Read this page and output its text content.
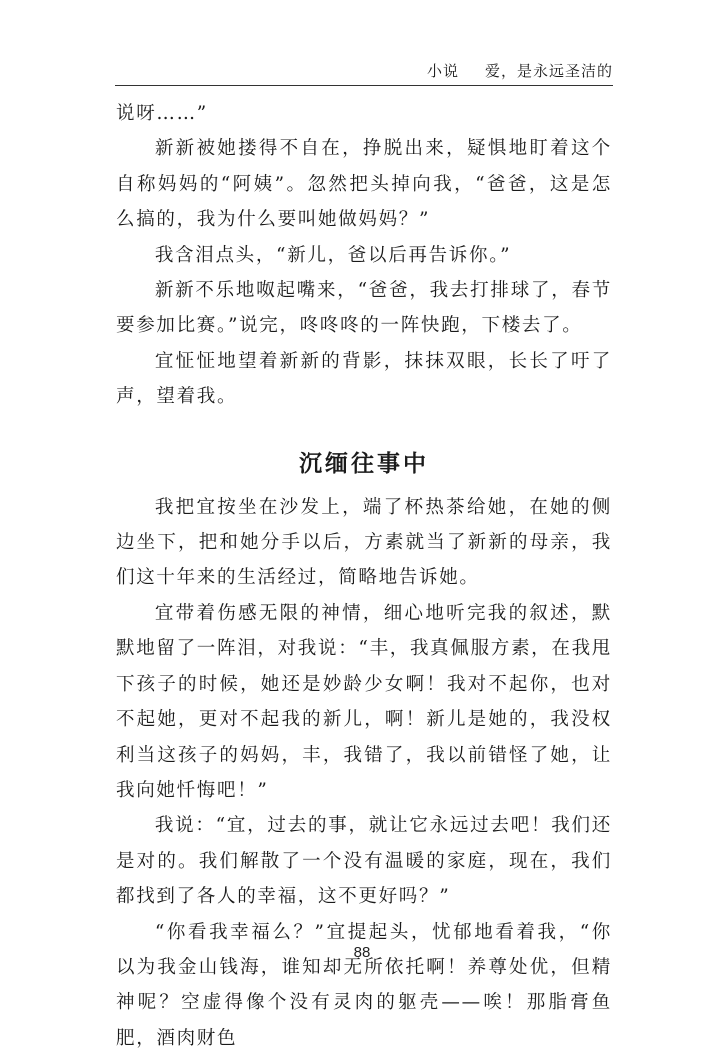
小说 爱，是永远圣洁的

说呀……”

新新被她搂得不自在，挣脱出来，疑惧地盯着这个自称妈妈的“阿姨”。忽然把头掉向我，“爸爸，这是怎么搞的，我为什么要叫她做妈妈？”

我含泪点头，“新儿，爸以后再告诉你。”

新新不乐地呶起嘴来，“爸爸，我去打排球了，春节要参加比赛。”说完，咚咚咚的一阵快跑，下楼去了。

宜怔怔地望着新新的背影，抹抹双眼，长长了吁了声，望着我。

沉缅往事中

我把宜按坐在沙发上，端了杯热茶给她，在她的侧边坐下，把和她分手以后，方素就当了新新的母亲，我们这十年来的生活经过，简略地告诉她。

宜带着伤感无限的神情，细心地听完我的叙述，默默地留了一阵泪，对我说：“丰，我真佩服方素，在我甩下孩子的时候，她还是妙龄少女啊！我对不起你，也对不起她，更对不起我的新儿，啊！新儿是她的，我没权利当这孩子的妈妈，丰，我错了，我以前错怪了她，让我向她忏悔吧！”

我说：“宜，过去的事，就让它永远过去吧！我们还是对的。我们解散了一个没有温暖的家庭，现在，我们都找到了各人的幸福，这不更好吗？”

“你看我幸福么？”宜提起头，忧郁地看着我，“你以为我金山钱海，谁知却无所依托啊！养尊处优，但精神呢？空虚得像个没有灵肉的躯壳——唉！那脂膏鱼肥，酒肉财色

88
